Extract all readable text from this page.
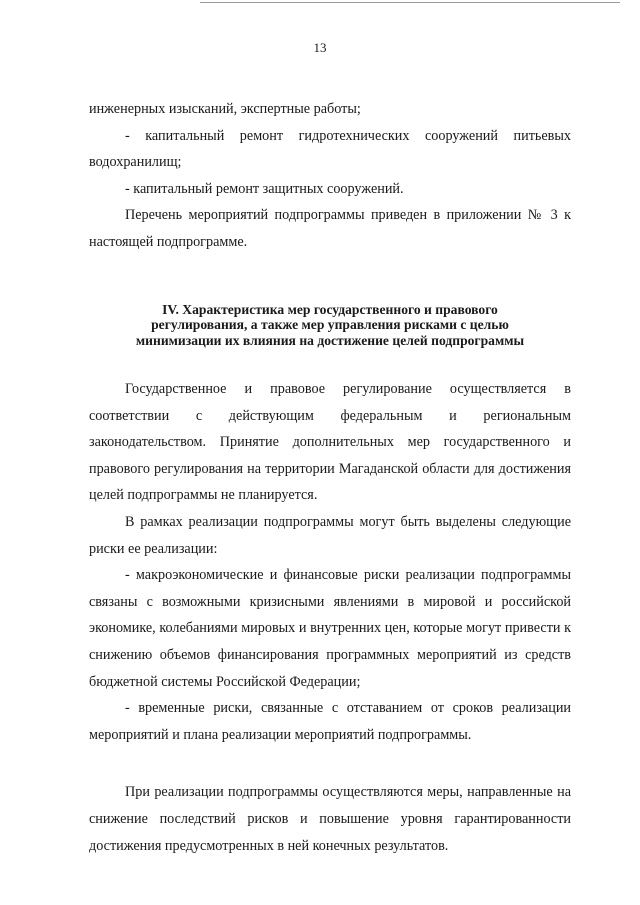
13

инженерных изысканий, экспертные работы;

- капитальный ремонт гидротехнических сооружений питьевых водохранилищ;

- капитальный ремонт защитных сооружений.

Перечень мероприятий подпрограммы приведен в приложении № 3 к настоящей подпрограмме.

IV. Характеристика мер государственного и правового регулирования, а также мер управления рисками с целью минимизации их влияния на достижение целей подпрограммы

Государственное и правовое регулирование осуществляется в соответствии с действующим федеральным и региональным законодательством. Принятие дополнительных мер государственного и правового регулирования на территории Магаданской области для достижения целей подпрограммы не планируется.

В рамках реализации подпрограммы могут быть выделены следующие риски ее реализации:

- макроэкономические и финансовые риски реализации подпрограммы связаны с возможными кризисными явлениями в мировой и российской экономике, колебаниями мировых и внутренних цен, которые могут привести к снижению объемов финансирования программных мероприятий из средств бюджетной системы Российской Федерации;

- временные риски, связанные с отставанием от сроков реализации мероприятий и плана реализации мероприятий подпрограммы.

При реализации подпрограммы осуществляются меры, направленные на снижение последствий рисков и повышение уровня гарантированности достижения предусмотренных в ней конечных результатов.
